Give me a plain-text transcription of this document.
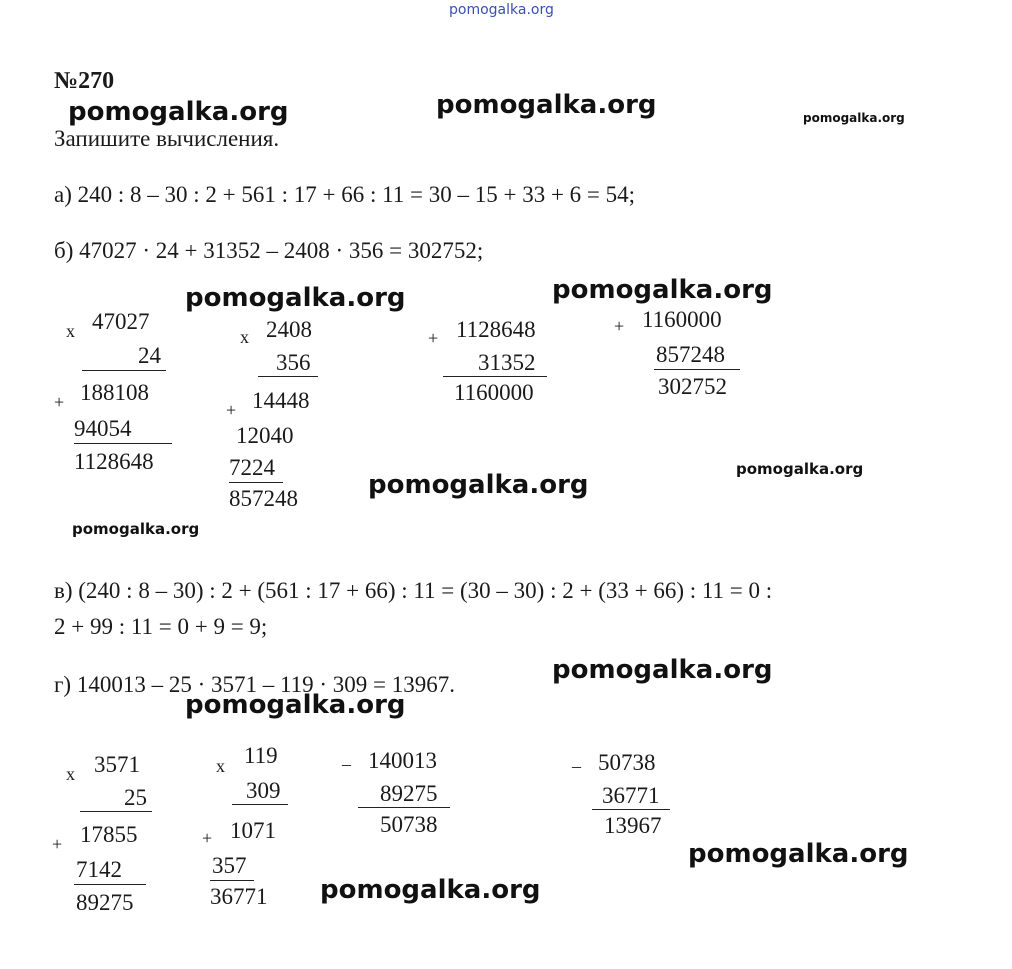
pomogalka.org
pomogalka.org	pomogalka.org	pomogalka.org
pomogalka.org	pomogalka.org
pomogalka.org
pomogalka.org
pomogalka.org
pomogalka.org
pomogalka.org
pomogalka.org
pomogalka.org
№270
Запишите вычисления.
а) 240 : 8 – 30 : 2 + 561 : 17 + 66 : 11 = 30 – 15 + 33 + 6 = 54;
б) 47027 · 24 + 31352 – 2408 · 356 = 302752;
x 47027
24
+ 188108
94054
1128648
x 2408
356
+ 14448
12040
7224
857248
+ 1128648
31352
1160000
+ 1160000
857248
302752
в) (240 : 8 – 30) : 2 + (561 : 17 + 66) : 11 = (30 – 30) : 2 + (33 + 66) : 11 = 0 :
2 + 99 : 11 = 0 + 9 = 9;
г) 140013 – 25 · 3571 – 119 · 309 = 13967.
x 3571
25
+ 17855
7142
89275
x 119
309
+ 1071
357
36771
– 140013
89275
50738
– 50738
36771
13967
